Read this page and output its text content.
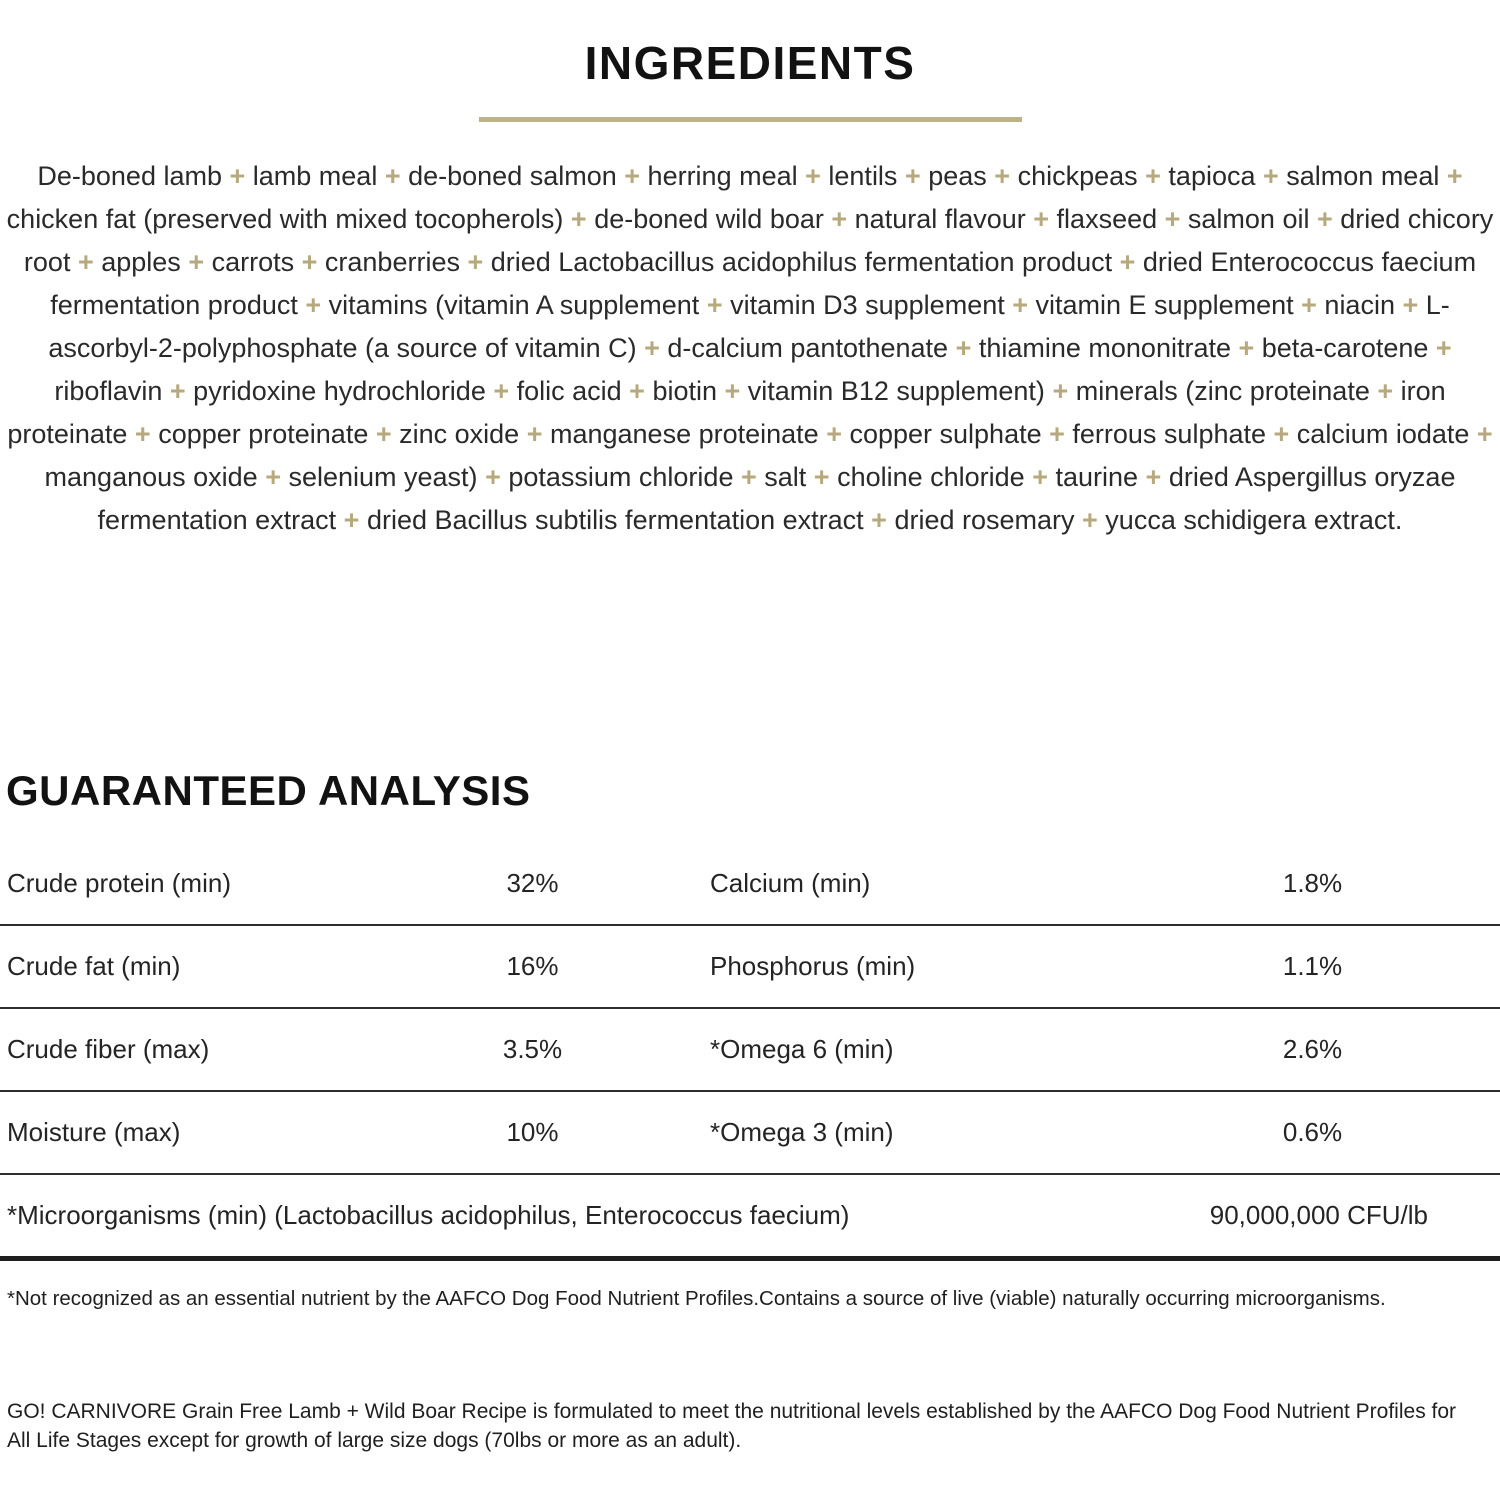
INGREDIENTS

De-boned lamb + lamb meal + de-boned salmon + herring meal + lentils + peas + chickpeas + tapioca + salmon meal + chicken fat (preserved with mixed tocopherols) + de-boned wild boar + natural flavour + flaxseed + salmon oil + dried chicory root + apples + carrots + cranberries + dried Lactobacillus acidophilus fermentation product + dried Enterococcus faecium fermentation product + vitamins (vitamin A supplement + vitamin D3 supplement + vitamin E supplement + niacin + L-ascorbyl-2-polyphosphate (a source of vitamin C) + d-calcium pantothenate + thiamine mononitrate + beta-carotene + riboflavin + pyridoxine hydrochloride + folic acid + biotin + vitamin B12 supplement) + minerals (zinc proteinate + iron proteinate + copper proteinate + zinc oxide + manganese proteinate + copper sulphate + ferrous sulphate + calcium iodate + manganous oxide + selenium yeast) + potassium chloride + salt + choline chloride + taurine + dried Aspergillus oryzae fermentation extract + dried Bacillus subtilis fermentation extract + dried rosemary + yucca schidigera extract.

GUARANTEED ANALYSIS
Crude protein (min)	32%	Calcium (min)	1.8%
Crude fat (min)	16%	Phosphorus (min)	1.1%
Crude fiber (max)	3.5%	*Omega 6 (min)	2.6%
Moisture (max)	10%	*Omega 3 (min)	0.6%
*Microorganisms (min) (Lactobacillus acidophilus, Enterococcus faecium)	90,000,000 CFU/lb

*Not recognized as an essential nutrient by the AAFCO Dog Food Nutrient Profiles.Contains a source of live (viable) naturally occurring microorganisms.

GO! CARNIVORE Grain Free Lamb + Wild Boar Recipe is formulated to meet the nutritional levels established by the AAFCO Dog Food Nutrient Profiles for All Life Stages except for growth of large size dogs (70lbs or more as an adult).
